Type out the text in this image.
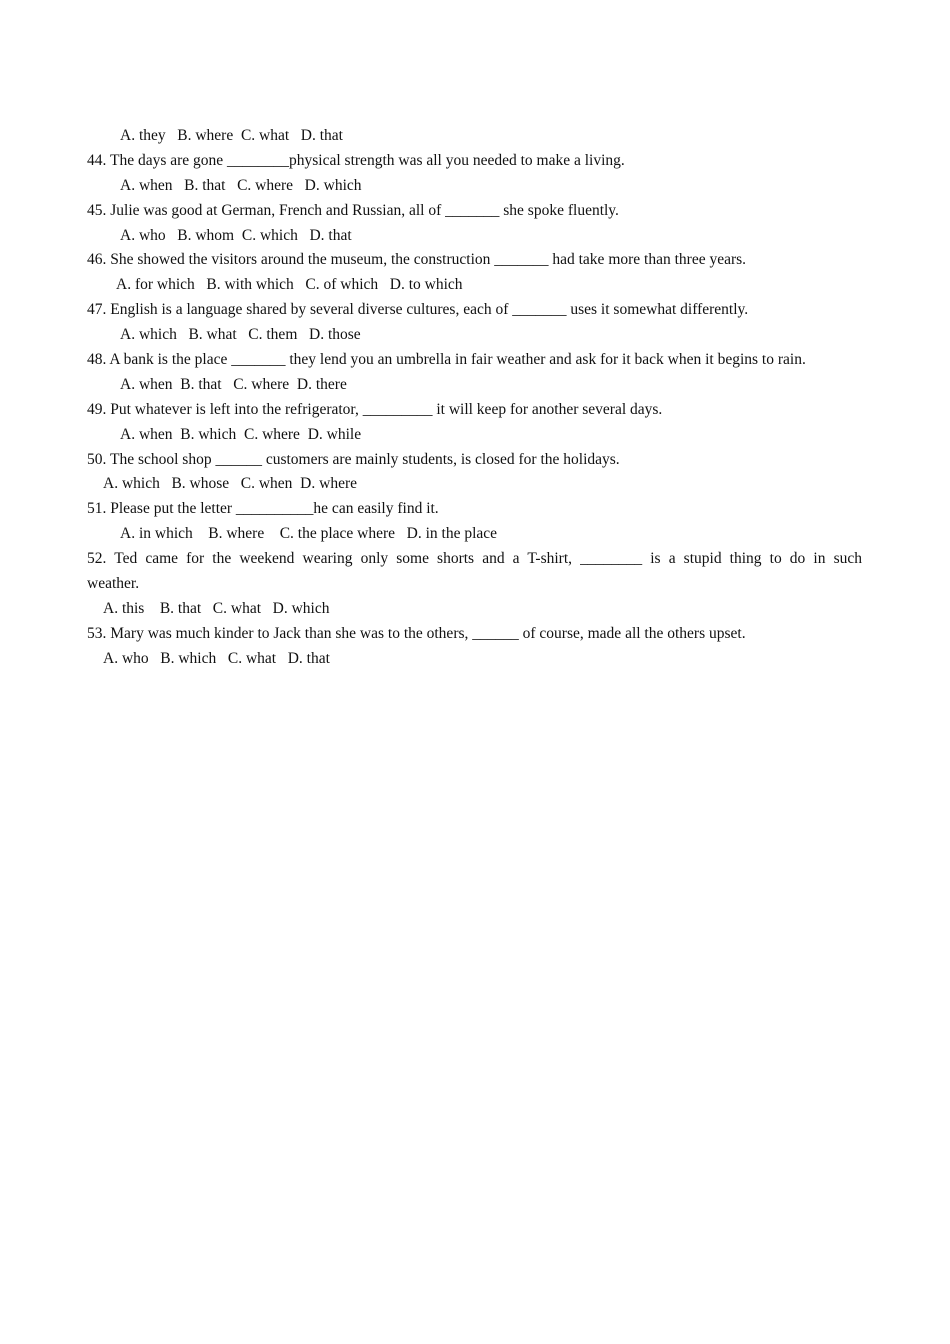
A. they   B. where  C. what   D. that
44. The days are gone ________physical strength was all you needed to make a living.
A. when   B. that   C. where   D. which
45. Julie was good at German, French and Russian, all of _______ she spoke fluently.
A. who   B. whom  C. which   D. that
46. She showed the visitors around the museum, the construction _______ had take more than three years.
A. for which   B. with which   C. of which   D. to which
47. English is a language shared by several diverse cultures, each of _______ uses it somewhat differently.
A. which   B. what   C. them   D. those
48. A bank is the place _______ they lend you an umbrella in fair weather and ask for it back when it begins to rain.
A. when  B. that   C. where  D. there
49. Put whatever is left into the refrigerator, _________ it will keep for another several days.
A. when  B. which  C. where  D. while
50. The school shop ______ customers are mainly students, is closed for the holidays.
A. which   B. whose   C. when  D. where
51. Please put the letter __________he can easily find it.
A. in which    B. where    C. the place where   D. in the place
52. Ted came for the weekend wearing only some shorts and a T-shirt, ________ is a stupid thing to do in such
weather.
A. this    B. that   C. what   D. which
53. Mary was much kinder to Jack than she was to the others, ______ of course, made all the others upset.
A. who   B. which   C. what   D. that
